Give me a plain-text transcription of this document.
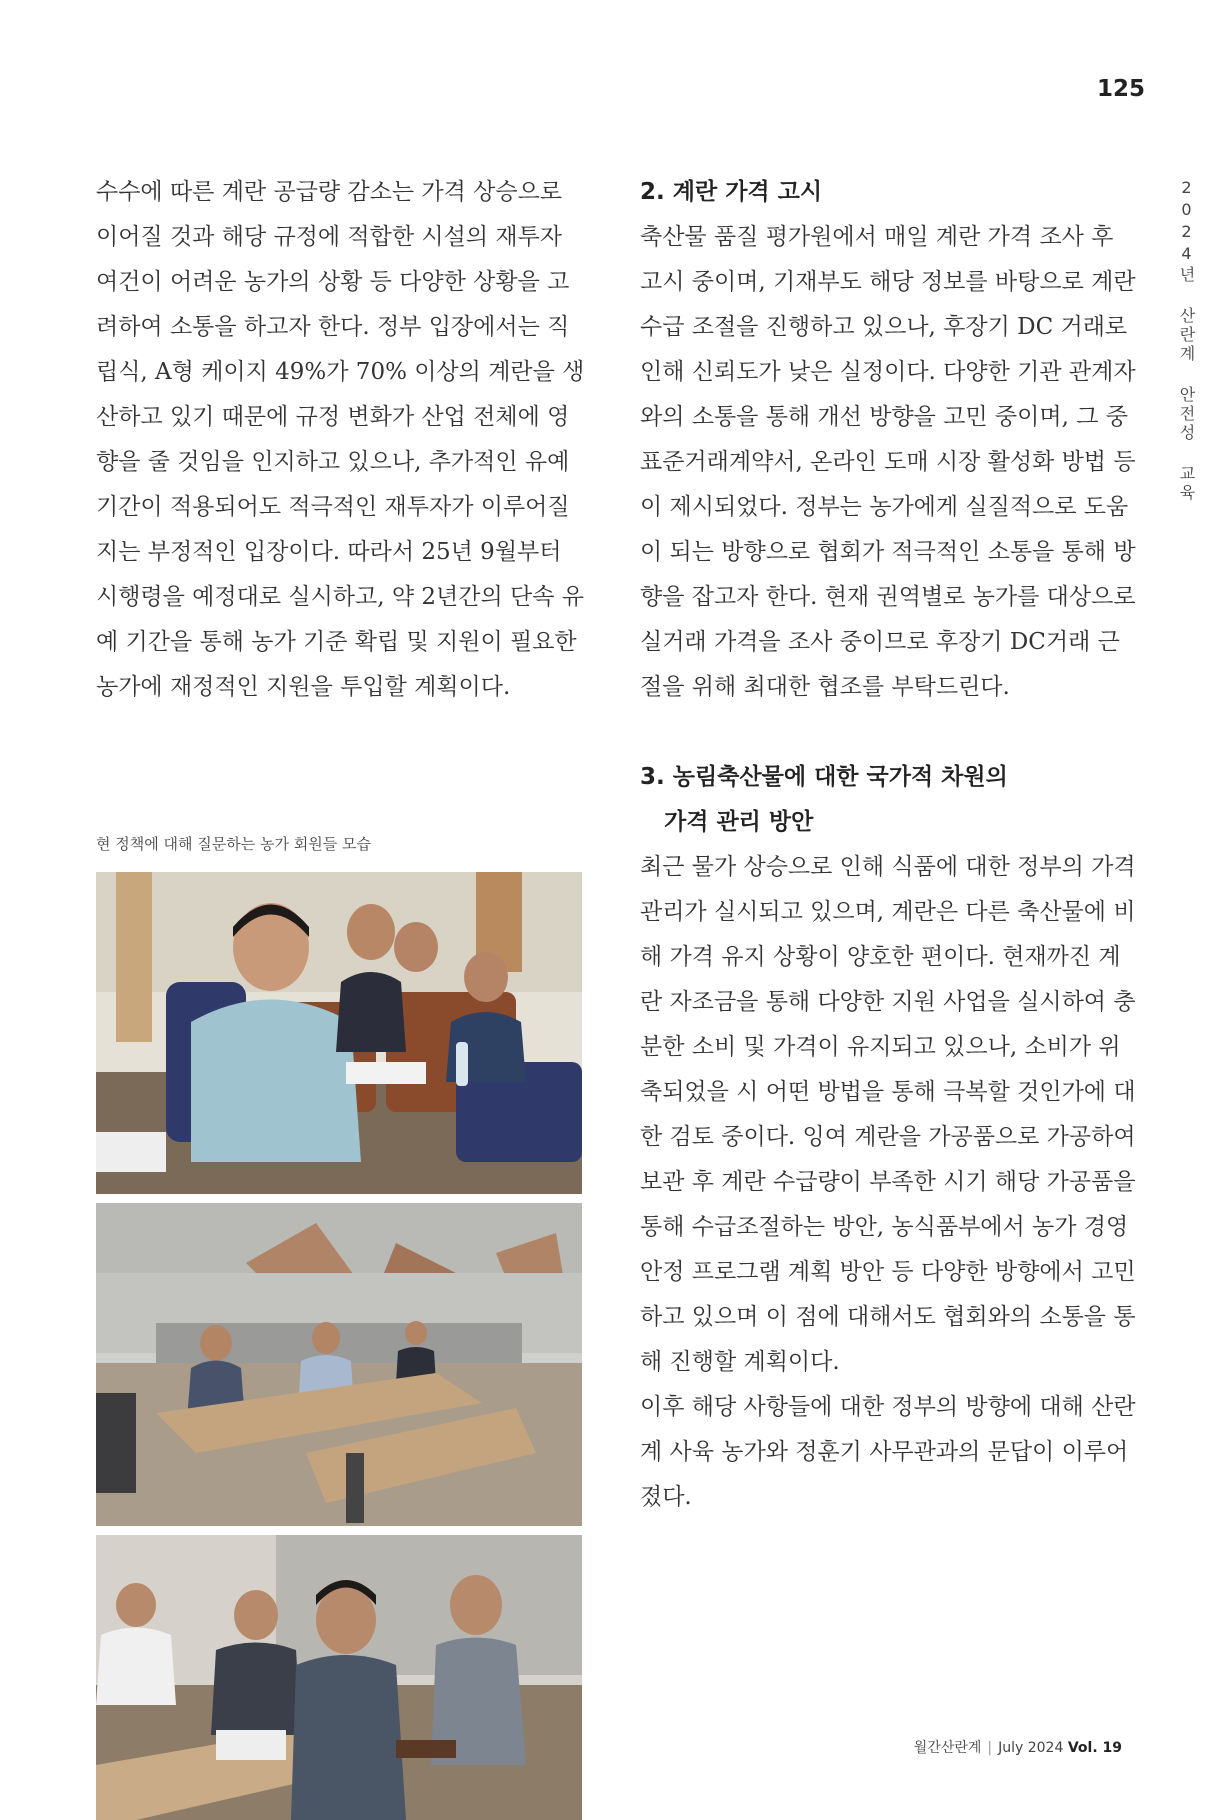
125
2024년 산란계 안전성 교육

수수에 따른 계란 공급량 감소는 가격 상승으로 이어질 것과 해당 규정에 적합한 시설의 재투자 여건이 어려운 농가의 상황 등 다양한 상황을 고려하여 소통을 하고자 한다. 정부 입장에서는 직립식, A형 케이지 49%가 70% 이상의 계란을 생산하고 있기 때문에 규정 변화가 산업 전체에 영향을 줄 것임을 인지하고 있으나, 추가적인 유예 기간이 적용되어도 적극적인 재투자가 이루어질지는 부정적인 입장이다. 따라서 25년 9월부터 시행령을 예정대로 실시하고, 약 2년간의 단속 유예 기간을 통해 농가 기준 확립 및 지원이 필요한 농가에 재정적인 지원을 투입할 계획이다.

2. 계란 가격 고시

축산물 품질 평가원에서 매일 계란 가격 조사 후 고시 중이며, 기재부도 해당 정보를 바탕으로 계란 수급 조절을 진행하고 있으나, 후장기 DC 거래로 인해 신뢰도가 낮은 실정이다. 다양한 기관 관계자와의 소통을 통해 개선 방향을 고민 중이며, 그 중 표준거래계약서, 온라인 도매 시장 활성화 방법 등이 제시되었다. 정부는 농가에게 실질적으로 도움이 되는 방향으로 협회가 적극적인 소통을 통해 방향을 잡고자 한다. 현재 권역별로 농가를 대상으로 실거래 가격을 조사 중이므로 후장기 DC거래 근절을 위해 최대한 협조를 부탁드린다.

3. 농림축산물에 대한 국가적 차원의

가격 관리 방안

최근 물가 상승으로 인해 식품에 대한 정부의 가격 관리가 실시되고 있으며, 계란은 다른 축산물에 비해 가격 유지 상황이 양호한 편이다. 현재까진 계란 자조금을 통해 다양한 지원 사업을 실시하여 충분한 소비 및 가격이 유지되고 있으나, 소비가 위축되었을 시 어떤 방법을 통해 극복할 것인가에 대한 검토 중이다. 잉여 계란을 가공품으로 가공하여 보관 후 계란 수급량이 부족한 시기 해당 가공품을 통해 수급조절하는 방안, 농식품부에서 농가 경영 안정 프로그램 계획 방안 등 다양한 방향에서 고민하고 있으며 이 점에 대해서도 협회와의 소통을 통해 진행할 계획이다.

이후 해당 사항들에 대한 정부의 방향에 대해 산란계 사육 농가와 정훈기 사무관과의 문답이 이루어졌다.

현 정책에 대해 질문하는 농가 회원들 모습
월간산란계 | July 2024 Vol. 19
